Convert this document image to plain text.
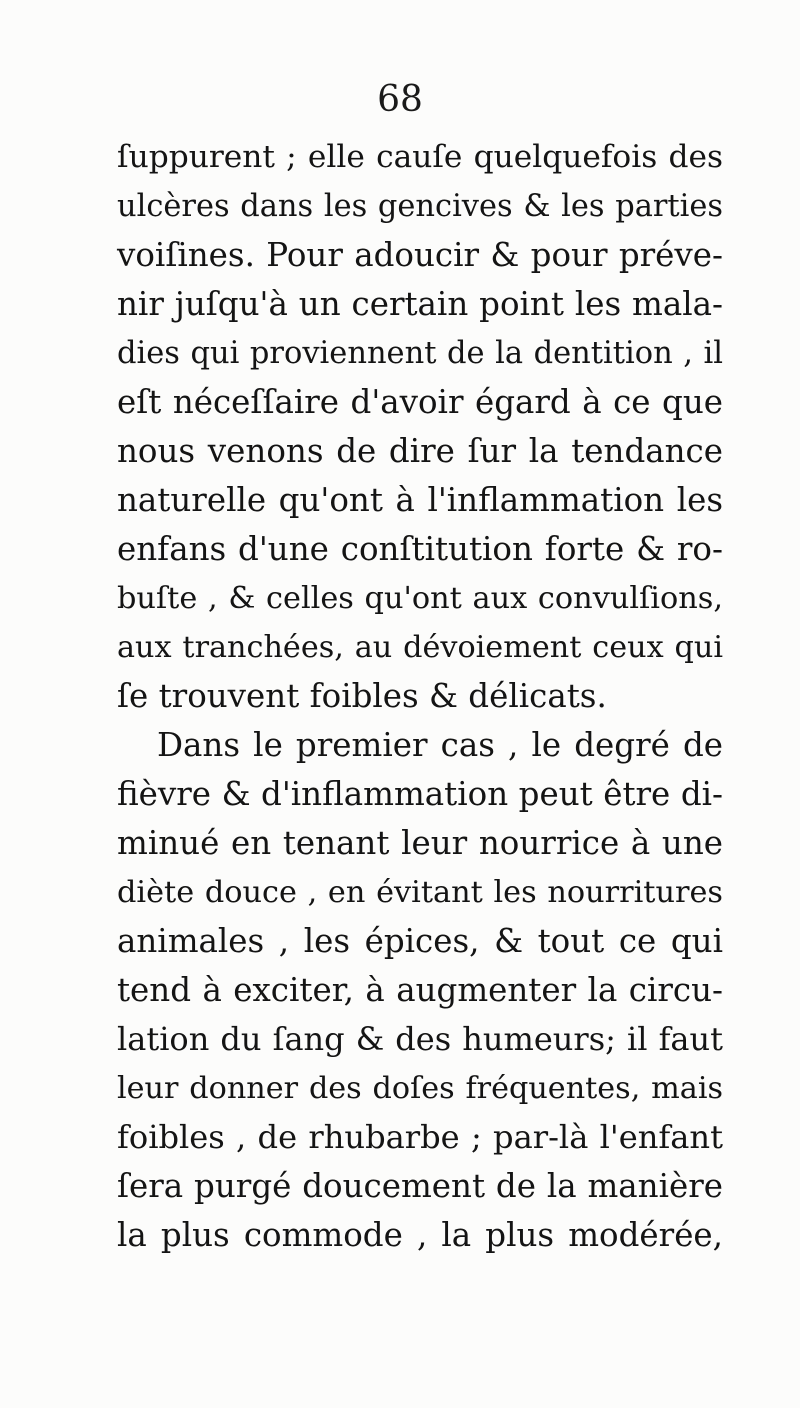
68
ſuppurent ; elle cauſe quelquefois des
ulcères dans les gencives & les parties
voiſines. Pour adoucir & pour préve-
nir juſqu'à un certain point les mala-
dies qui proviennent de la dentition , il
eſt néceſſaire d'avoir égard à ce que
nous venons de dire ſur la tendance
naturelle qu'ont à l'inflammation les
enfans d'une conſtitution forte & ro-
buſte , & celles qu'ont aux convulſions,
aux tranchées, au dévoiement ceux qui
ſe trouvent foibles & délicats.
Dans le premier cas , le degré de
fièvre & d'inflammation peut être di-
minué en tenant leur nourrice à une
diète douce , en évitant les nourritures
animales , les épices, & tout ce qui
tend à exciter, à augmenter la circu-
lation du ſang & des humeurs; il faut
leur donner des doſes fréquentes, mais
foibles , de rhubarbe ; par-là l'enfant
ſera purgé doucement de la manière
la plus commode , la plus modérée,
